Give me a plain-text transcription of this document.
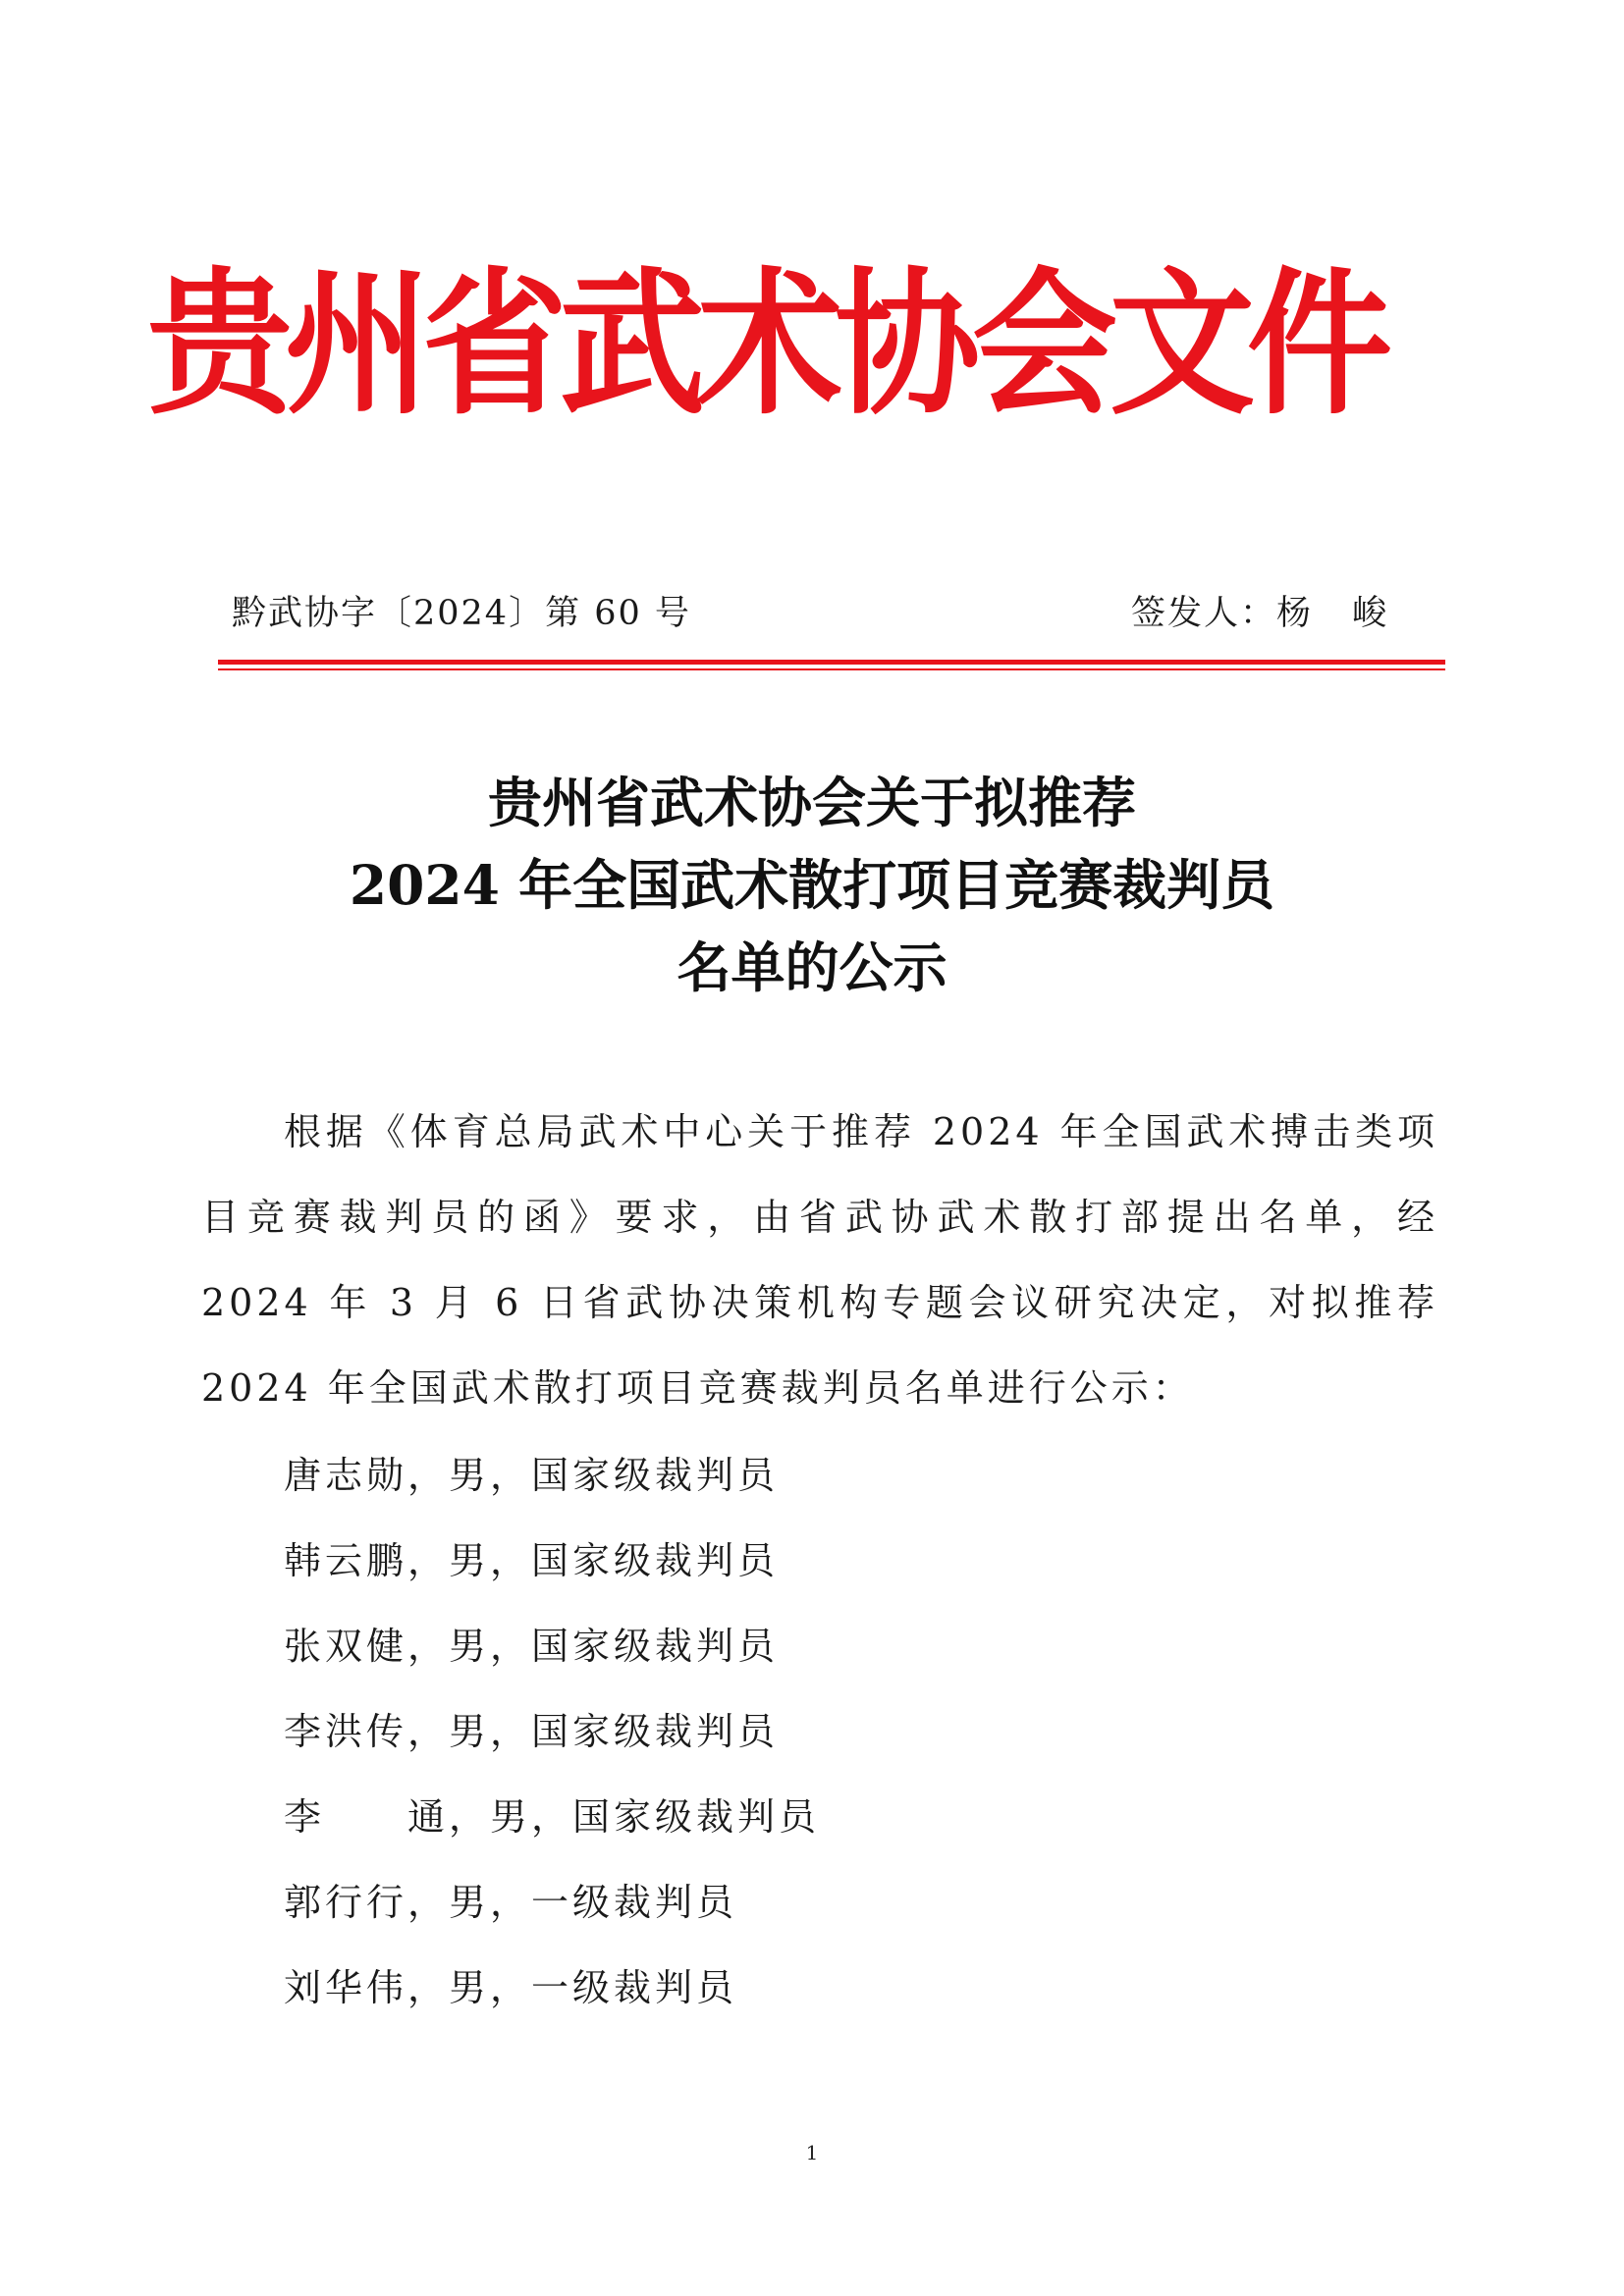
贵州省武术协会文件
黔武协字〔2024〕第 60 号	签发人：杨 峻
贵州省武术协会关于拟推荐
2024 年全国武术散打项目竞赛裁判员
名单的公示
根据《体育总局武术中心关于推荐 2024 年全国武术搏击类项目竞赛裁判员的函》要求，由省武协武术散打部提出名单，经 2024 年 3 月 6 日省武协决策机构专题会议研究决定，对拟推荐 2024 年全国武术散打项目竞赛裁判员名单进行公示：
唐志勋，男，国家级裁判员
韩云鹏，男，国家级裁判员
张双健，男，国家级裁判员
李洪传，男，国家级裁判员
李　　通，男，国家级裁判员
郭行行，男，一级裁判员
刘华伟，男，一级裁判员
1
